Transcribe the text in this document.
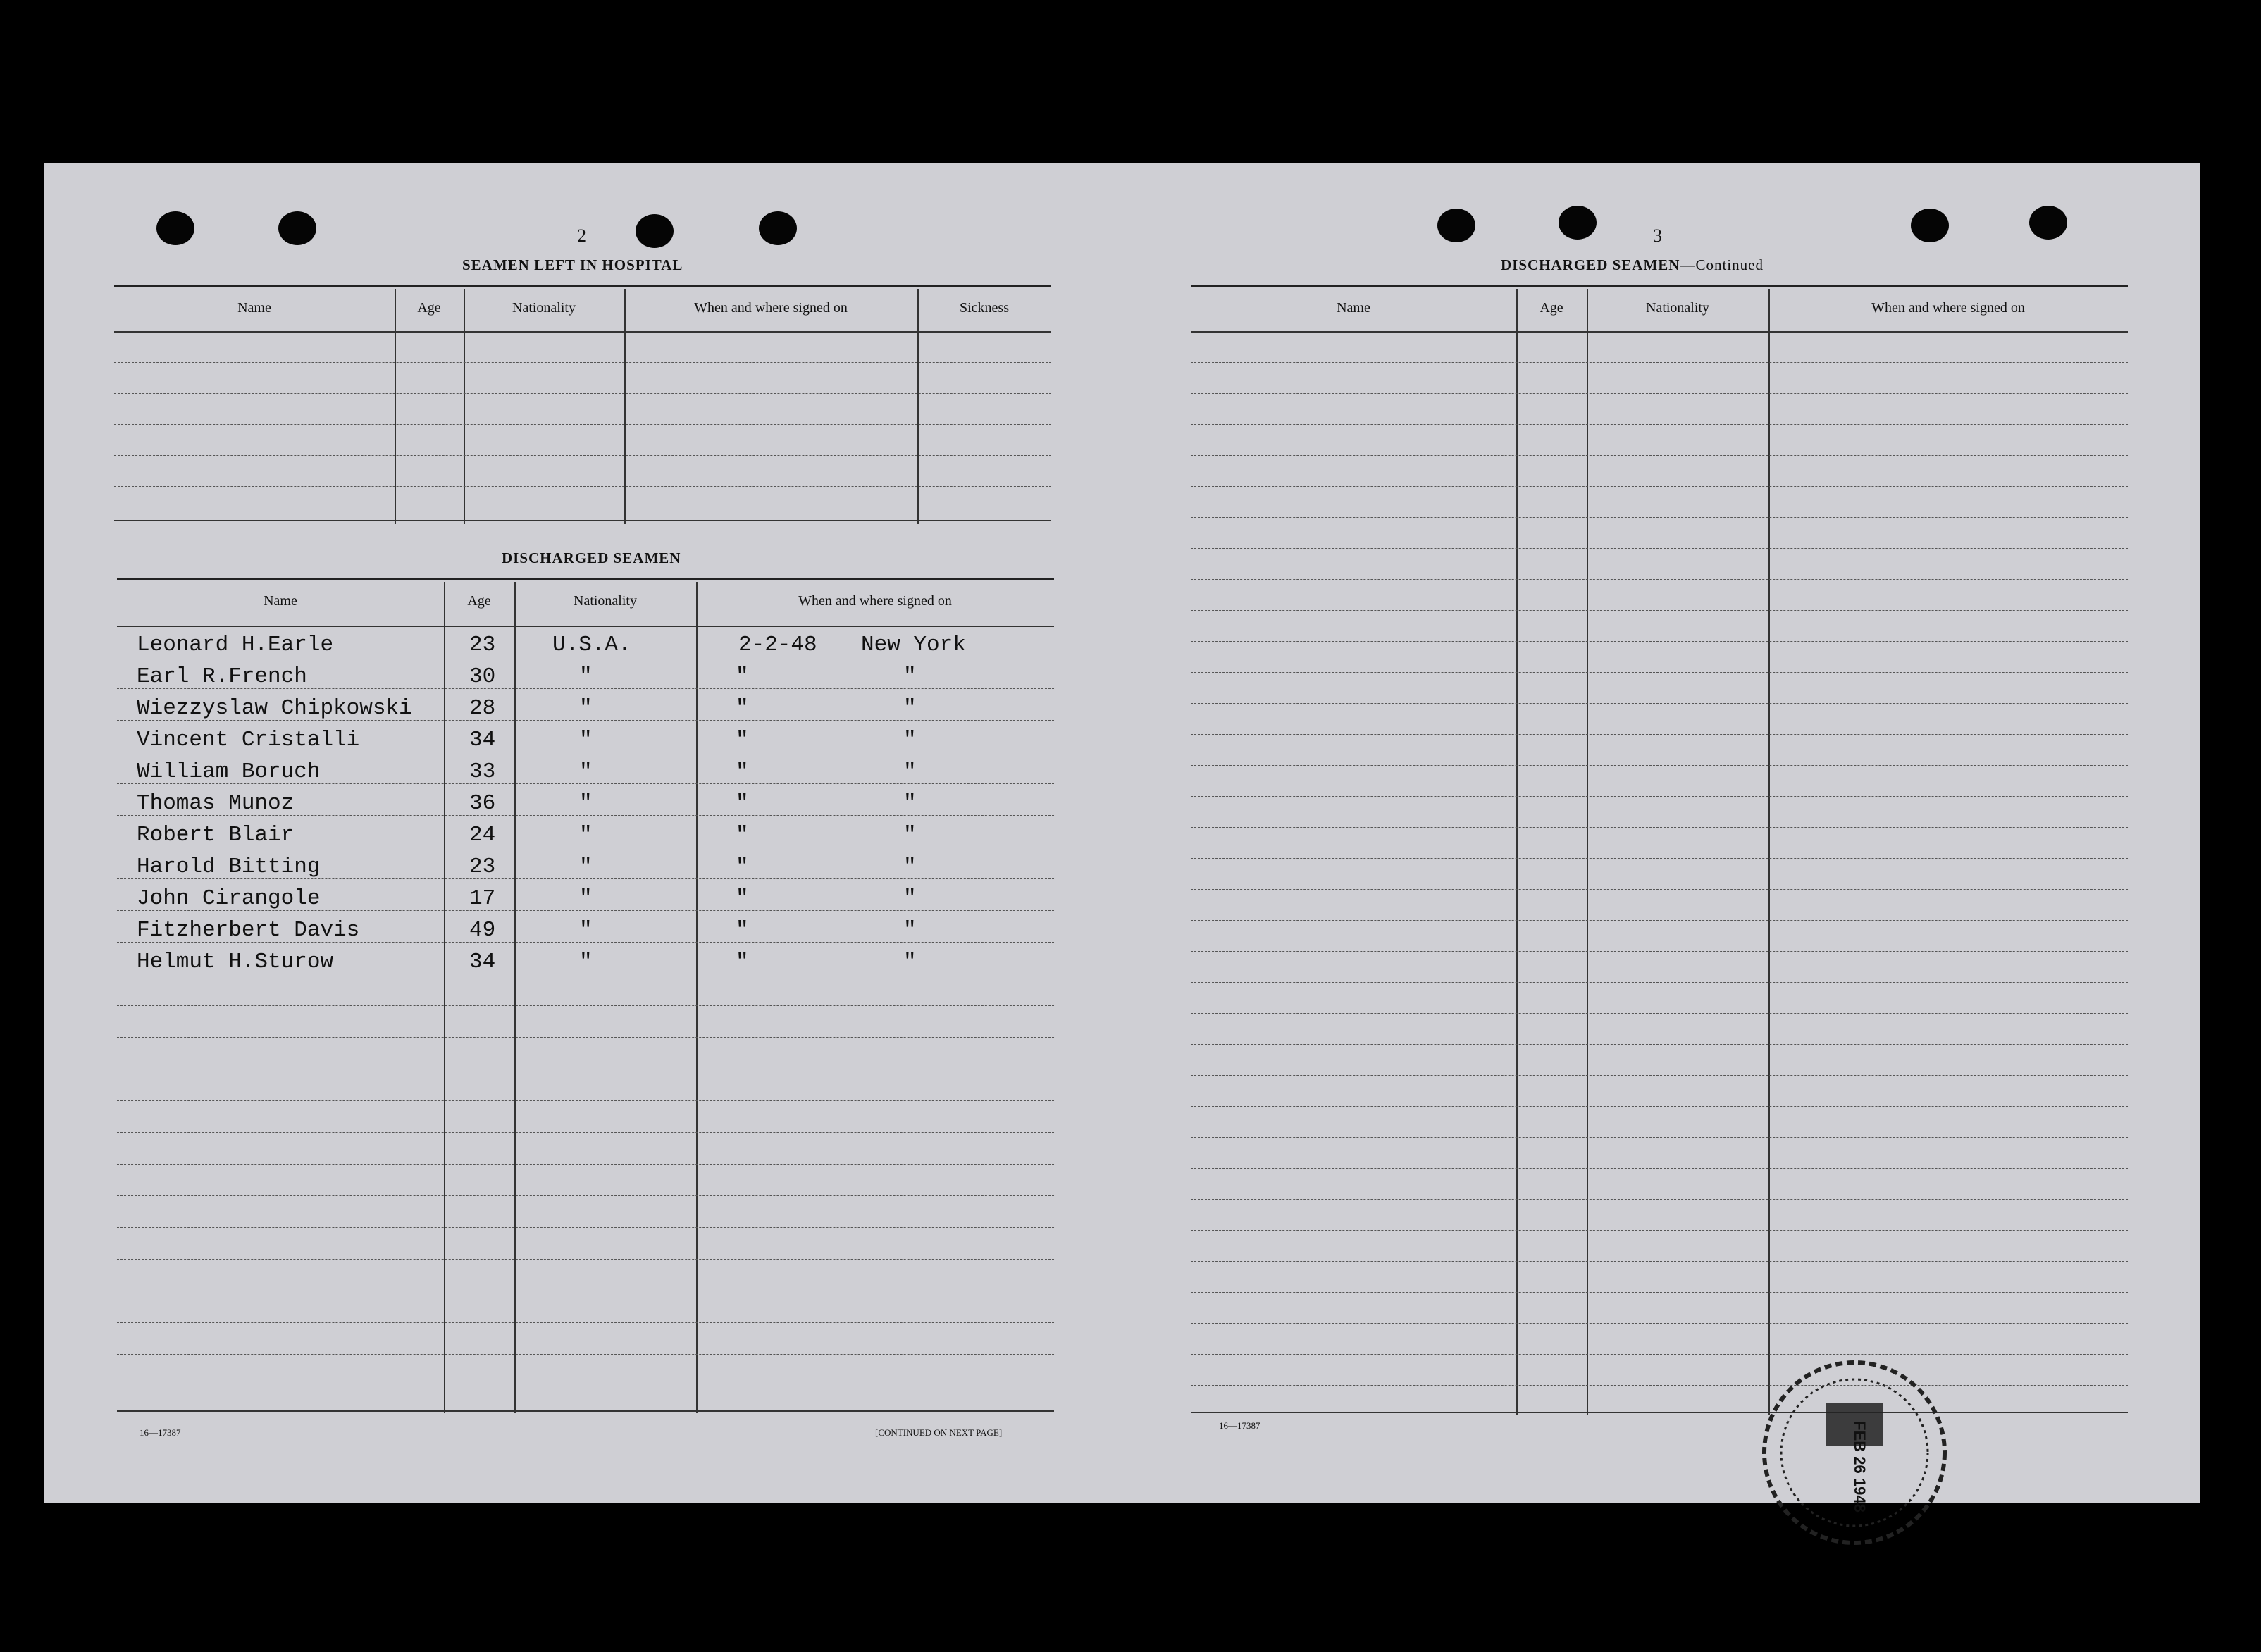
2
SEAMEN LEFT IN HOSPITAL
Name	Age	Nationality	When and where signed on	Sickness
DISCHARGED SEAMEN
Name	Age	Nationality	When and where signed on
Leonard H.Earle	23	U.S.A.	2-2-48 New York
Earl R.French	30	"	"	"
Wiezzyslaw Chipkowski	28	"	"	"
Vincent Cristalli	34	"	"	"
William Boruch	33	"	"	"
Thomas Munoz	36	"	"	"
Robert Blair	24	"	"	"
Harold Bitting	23	"	"	"
John Cirangole	17	"	"	"
Fitzherbert Davis	49	"	"	"
Helmut H.Sturow	34	"	"	"
16—17387	[CONTINUED ON NEXT PAGE]
3
DISCHARGED SEAMEN—Continued
Name	Age	Nationality	When and where signed on
16—17387	FEB 26 1948
